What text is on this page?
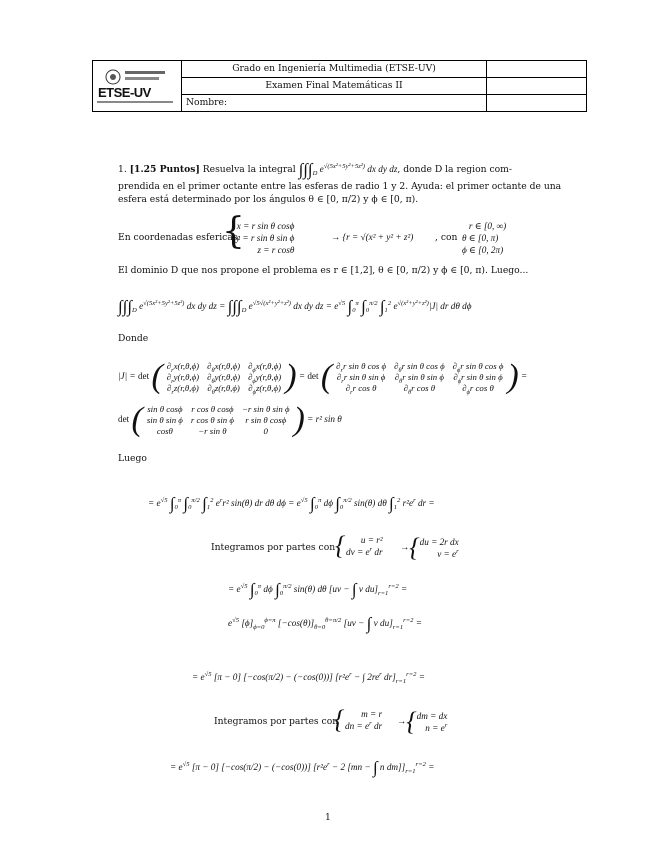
ETSE-UV
Grado en Ingeniería Multimedia (ETSE-UV)
Examen Final Matemáticas II
Nombre:
1. [1.25 Puntos] Resuelva la integral $\int\int\int_D$ $e^{√(5x^2+5y^2+5z^2)}$ dx dy dz, donde D la region com-
prendida en el primer octante entre las esferas de radio 1 y 2. Ayuda: el primer octante de una
esfera está determinado por los ángulos θ ∈ [0, π/2) y ϕ ∈ [0, π).
En coordenadas esfericas:
{
x = r sin θ cosϕ
y = r sin θ sin ϕ
z = r cosθ
→ {r = √(x² + y² + z²) , con
r ∈ [0, ∞)
θ ∈ [0, π)
ϕ ∈ [0, 2π)
El dominio D que nos propone el problema es r ∈ [1,2], θ ∈ [0, π/2) y ϕ ∈ [0, π). Luego...
$\int\int\int_D$ $e^{√(5x^2+5y^2+5z^2)}$ dx dy dz = $\int\int\int_D$ $e^{√5√(x^2+y^2+z^2)}$ dx dy dz = $e^{√5}$ $\int_0^\pi$ $\int_0^{\pi/2}$ $\int_1^2$ $e^{√(x^2+y^2+z^2)}|J|$ dr dθ dϕ
Donde
|J| = det ( $\partial_rx(r,\theta,\phi)$	$\partial_\theta x(r,\theta,\phi)$	$\partial_\phi x(r,\theta,\phi)$
$\partial_ry(r,\theta,\phi)$	$\partial_\theta y(r,\theta,\phi)$	$\partial_\phi y(r,\theta,\phi)$
$\partial_rz(r,\theta,\phi)$	$\partial_\theta z(r,\theta,\phi)$	$\partial_\phi z(r,\theta,\phi)$ ) = det ( $\partial_rr$ sin θ cos ϕ	$\partial_\theta r$ sin θ cos ϕ	$\partial_\phi r$ sin θ cos ϕ
$\partial_rr$ sin θ sin ϕ	$\partial_\theta r$ sin θ sin ϕ	$\partial_\phi r$ sin θ sin ϕ
$\partial_rr$ cos θ	$\partial_\theta r$ cos θ	$\partial_\phi r$ cos θ ) =
det ( sin θ cosϕ	r cos θ cosϕ	−r sin θ sin ϕ
sin θ sin ϕ	r cos θ sin ϕ	r sin θ cosϕ
cosθ	−r sin θ	0 ) = r² sin θ
Luego
= $e^{√5}$ $\int_0^\pi$ $\int_0^{\pi/2}$ $\int_1^2$ $e^rr^2$ sin(θ) dr dθ $d\phi = e^{√5}$ $\int_0^\pi$ dϕ $\int_0^{\pi/2}$ sin(θ) dθ $\int_1^2$ $r^2e^r$ dr =
Integramos por partes con {	u = r²
dv = $e^r$ dr →{du = 2r dx
$v = e^r$
= $e^{√5}$ $\int_0^\pi$ dϕ $\int_0^{\pi/2}$ sin(θ) dθ [uv − ∫ v $du]_{r=1}^{r=2}$ =
$e^{√5}$ $[\phi]_{\phi=0}^{\phi=\pi}$ $[-\cos(\theta)]_{\theta=0}^{\theta=\pi/2}$ [uv − ∫ v $du]_{r=1}^{r=2}$ =
= $e^{√5}$ [π − 0] [−cos(π/2) − (−cos(0))] [$r^2e^r$ − ∫ $2re^r$ $dr]_{r=1}^{r=2}$ =
Integramos por partes con
{	m = r
dn = $e^r$ dr →{dm = dx
$n = e^r$
= $e^{√5}$ [π − 0] [−cos(π/2) − (−cos(0))] [$r^2e^r - 2$ [mn − ∫ n $dm]]_{r=1}^{r=2}$ =
1
